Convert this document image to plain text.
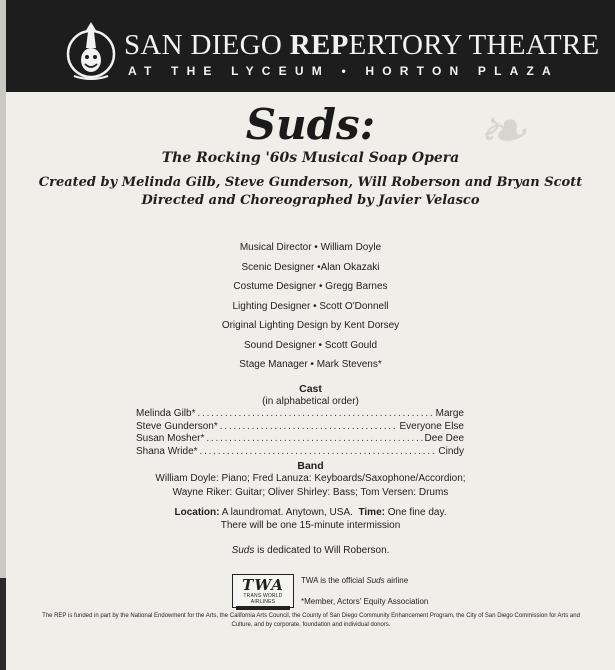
SAN DIEGO REPERTORY THEATRE
AT THE LYCEUM • HORTON PLAZA
❧
Suds:
The Rocking '60s Musical Soap Opera
Created by Melinda Gilb, Steve Gunderson, Will Roberson and Bryan Scott
Directed and Choreographed by Javier Velasco
Musical Director • William Doyle
Scenic Designer •Alan Okazaki
Costume Designer • Gregg Barnes
Lighting Designer • Scott O'Donnell
Original Lighting Design by Kent Dorsey
Sound Designer • Scott Gould
Stage Manager • Mark Stevens*
Cast
(in alphabetical order)
Melinda Gilb* . . .	Marge
Steve Gunderson* . . .	Everyone Else
Susan Mosher* . . .	Dee Dee
Shana Wride* . . .	Cindy
Band
William Doyle: Piano; Fred Lanuza: Keyboards/Saxophone/Accordion;
Wayne Riker: Guitar; Oliver Shirley: Bass; Tom Versen: Drums
Location: A laundromat. Anytown, USA. Time: One fine day.
There will be one 15-minute intermission
Suds is dedicated to Will Roberson.
TWA
TRANS WORLD AIRLINES
TWA is the official Suds airline
*Member, Actors' Equity Association
The REP is funded in part by the National Endowment for the Arts, the California Arts Council, the County of San Diego Community Enhancement Program, the City of San Diego Commission for Arts and Culture, and by corporate, foundation and individual donors.
